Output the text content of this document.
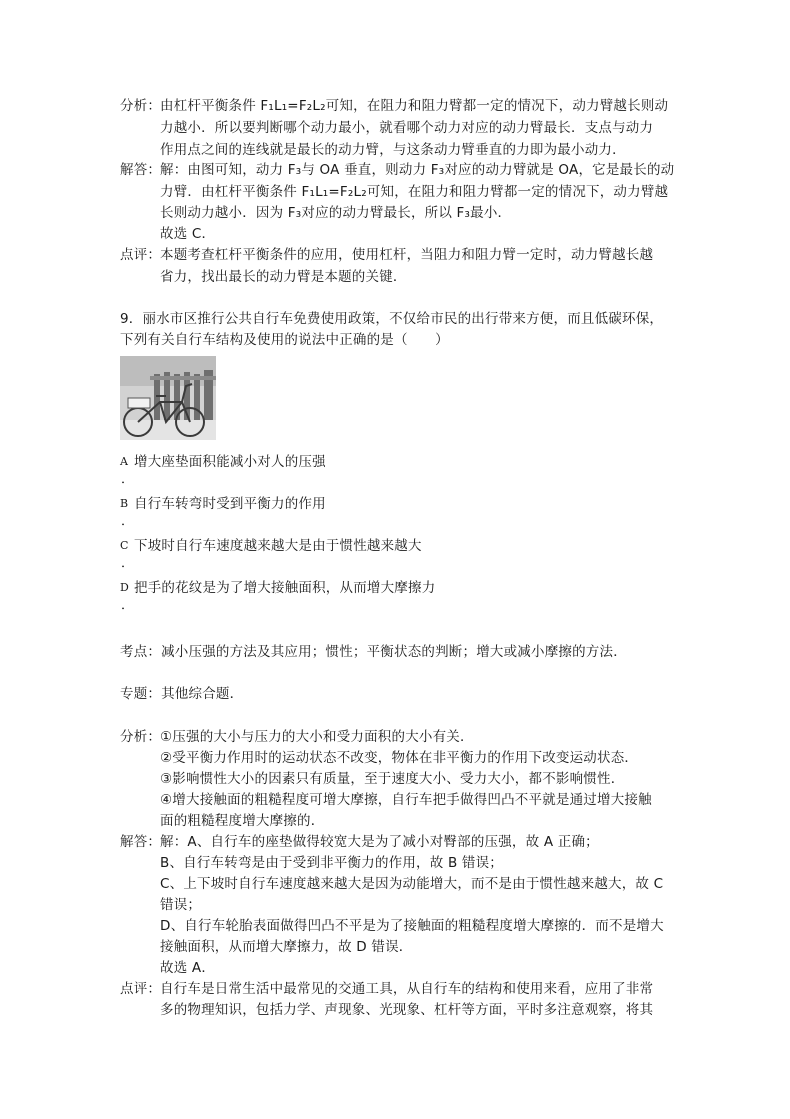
分析：
由杠杆平衡条件 F₁L₁=F₂L₂可知，在阻力和阻力臂都一定的情况下，动力臂越长则动
力越小．所以要判断哪个动力最小，就看哪个动力对应的动力臂最长．支点与动力
作用点之间的连线就是最长的动力臂，与这条动力臂垂直的力即为最小动力．
解答：
解：由图可知，动力 F₃与 OA 垂直，则动力 F₃对应的动力臂就是 OA，它是最长的动
力臂．由杠杆平衡条件 F₁L₁=F₂L₂可知，在阻力和阻力臂都一定的情况下，动力臂越
长则动力越小．因为 F₃对应的动力臂最长，所以 F₃最小．
故选 C．
点评：
本题考查杠杆平衡条件的应用，使用杠杆，当阻力和阻力臂一定时，动力臂越长越
省力，找出最长的动力臂是本题的关键．
9．丽水市区推行公共自行车免费使用政策，不仅给市民的出行带来方便，而且低碳环保，
下列有关自行车结构及使用的说法中正确的是（　　）
A 增大座垫面积能减小对人的压强
．
B 自行车转弯时受到平衡力的作用
．
C 下坡时自行车速度越来越大是由于惯性越来越大
．
D 把手的花纹是为了增大接触面积，从而增大摩擦力
．
考点：减小压强的方法及其应用；惯性；平衡状态的判断；增大或减小摩擦的方法．
专题：其他综合题．
分析：
①压强的大小与压力的大小和受力面积的大小有关．
②受平衡力作用时的运动状态不改变，物体在非平衡力的作用下改变运动状态．
③影响惯性大小的因素只有质量，至于速度大小、受力大小，都不影响惯性．
④增大接触面的粗糙程度可增大摩擦，自行车把手做得凹凸不平就是通过增大接触
面的粗糙程度增大摩擦的．
解答：
解：A、自行车的座垫做得较宽大是为了减小对臀部的压强，故 A 正确；
B、自行车转弯是由于受到非平衡力的作用，故 B 错误；
C、上下坡时自行车速度越来越大是因为动能增大，而不是由于惯性越来越大，故 C
错误；
D、自行车轮胎表面做得凹凸不平是为了接触面的粗糙程度增大摩擦的．而不是增大
接触面积，从而增大摩擦力，故 D 错误．
故选 A．
点评：
自行车是日常生活中最常见的交通工具，从自行车的结构和使用来看，应用了非常
多的物理知识，包括力学、声现象、光现象、杠杆等方面，平时多注意观察，将其
